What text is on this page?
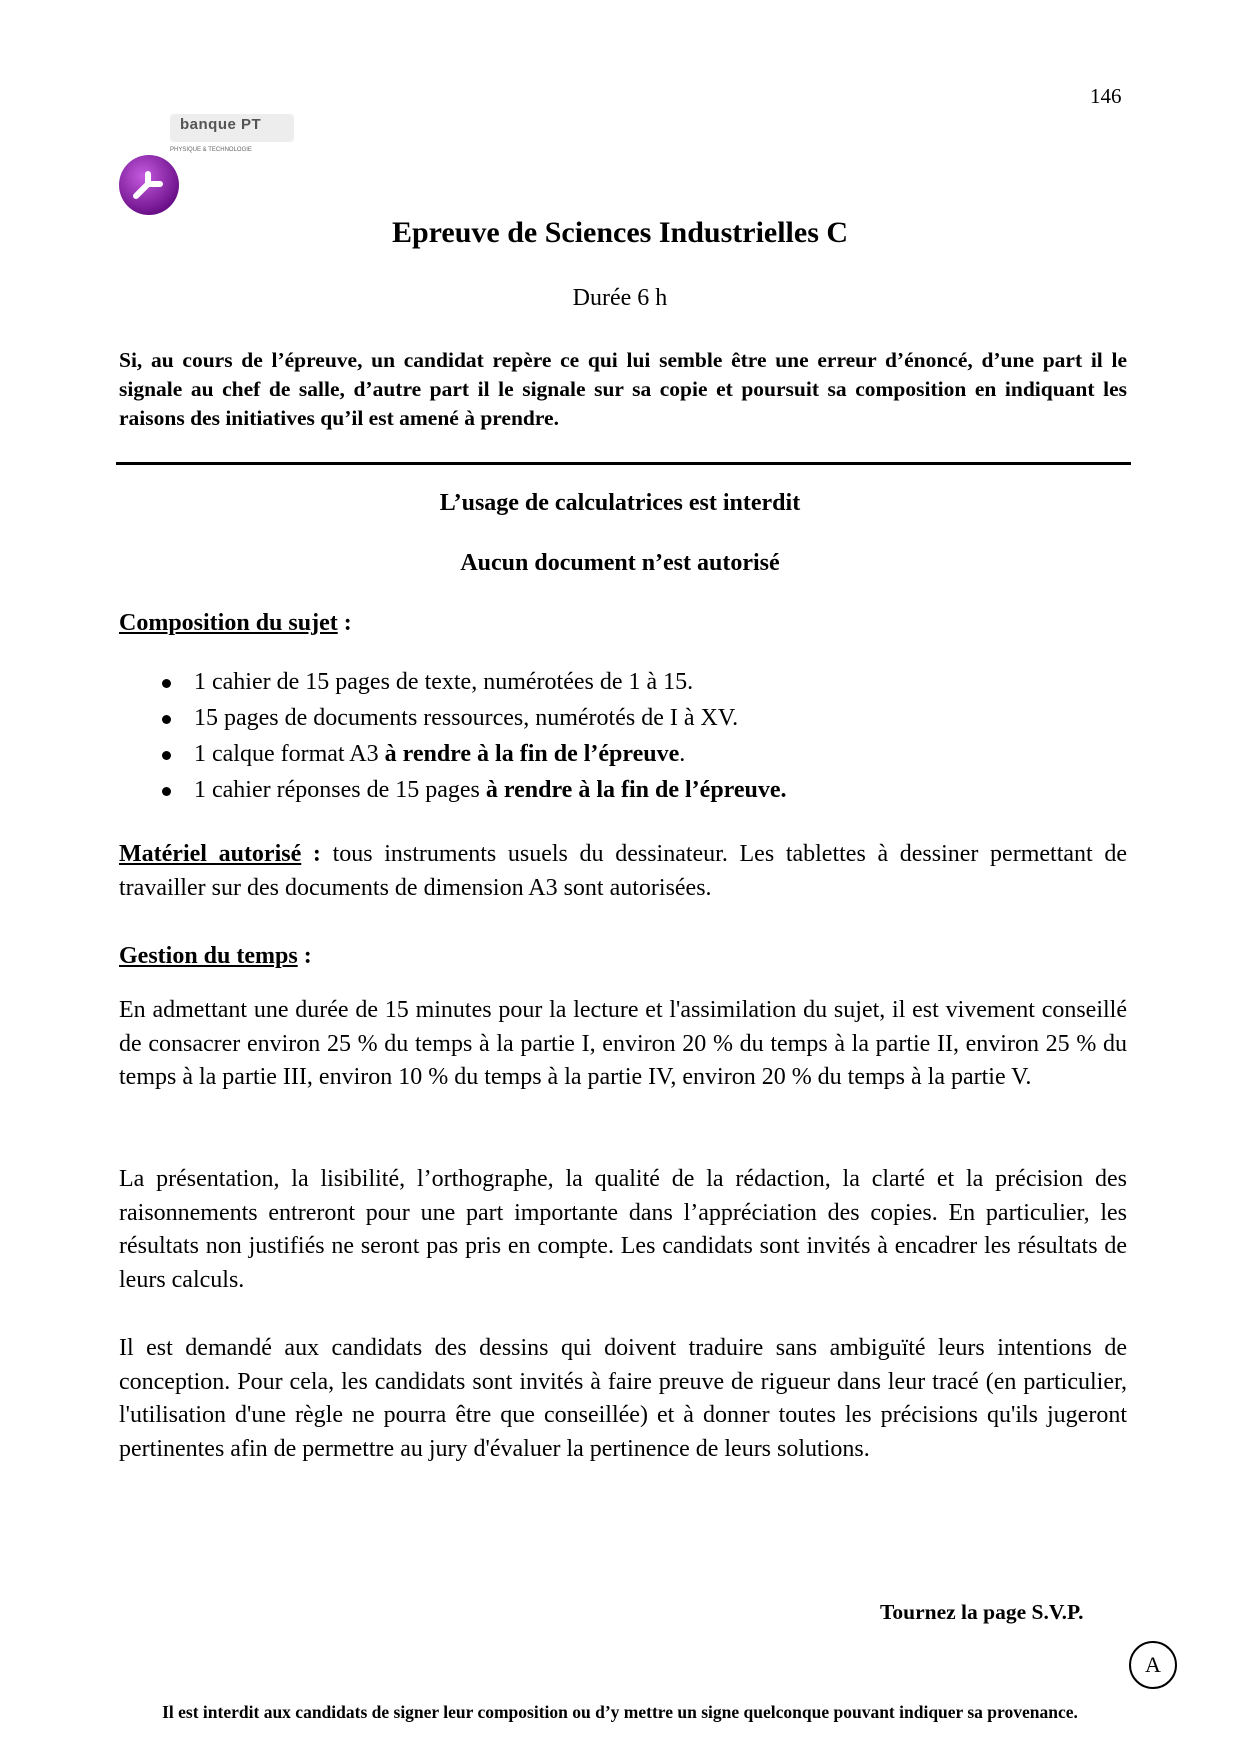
146
banque PT
PHYSIQUE & TECHNOLOGIE
Epreuve de Sciences Industrielles C
Durée 6 h
Si, au cours de l’épreuve, un candidat repère ce qui lui semble être une erreur d’énoncé, d’une part il le signale au chef de salle, d’autre part il le signale sur sa copie et poursuit sa composition en indiquant les raisons des initiatives qu’il est amené à prendre.
L’usage de calculatrices est interdit
Aucun document n’est autorisé
Composition du sujet :
1 cahier de 15 pages de texte, numérotées de 1 à 15.
15 pages de documents ressources, numérotés de I à XV.
1 calque format A3 à rendre à la fin de l’épreuve.
1 cahier réponses de 15 pages à rendre à la fin de l’épreuve.
Matériel autorisé : tous instruments usuels du dessinateur. Les tablettes à dessiner permettant de travailler sur des documents de dimension A3 sont autorisées.
Gestion du temps :
En admettant une durée de 15 minutes pour la lecture et l'assimilation du sujet, il est vivement conseillé de consacrer environ 25 % du temps à la partie I, environ 20 % du temps à la partie II, environ 25 % du temps à la partie III, environ 10 % du temps à la partie IV, environ 20 % du temps à la partie V.
La présentation, la lisibilité, l’orthographe, la qualité de la rédaction, la clarté et la précision des raisonnements entreront pour une part importante dans l’appréciation des copies. En particulier, les résultats non justifiés ne seront pas pris en compte. Les candidats sont invités à encadrer les résultats de leurs calculs.
Il est demandé aux candidats des dessins qui doivent traduire sans ambiguïté leurs intentions de conception. Pour cela, les candidats sont invités à faire preuve de rigueur dans leur tracé (en particulier, l'utilisation d'une règle ne pourra être que conseillée) et à donner toutes les précisions qu'ils jugeront pertinentes afin de permettre au jury d'évaluer la pertinence de leurs solutions.
Tournez la page S.V.P.
A
Il est interdit aux candidats de signer leur composition ou d’y mettre un signe quelconque pouvant indiquer sa provenance.
